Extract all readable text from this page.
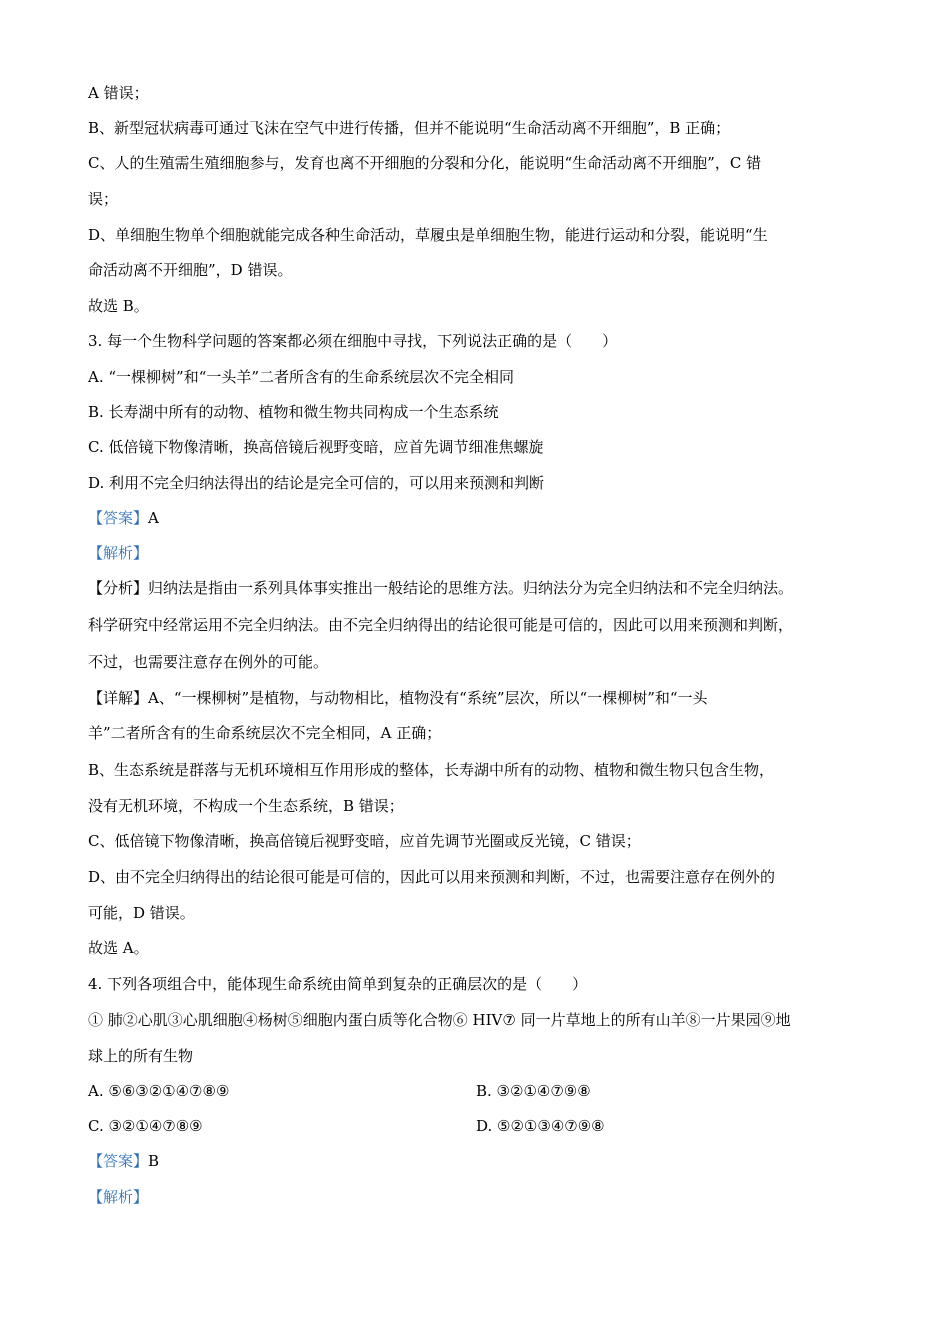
A 错误；
B、新型冠状病毒可通过飞沫在空气中进行传播，但并不能说明“生命活动离不开细胞”，B 正确；
C、人的生殖需生殖细胞参与，发育也离不开细胞的分裂和分化，能说明“生命活动离不开细胞”，C 错
误；
D、单细胞生物单个细胞就能完成各种生命活动，草履虫是单细胞生物，能进行运动和分裂，能说明“生
命活动离不开细胞”，D 错误。
故选 B。
3. 每一个生物科学问题的答案都必须在细胞中寻找，下列说法正确的是（　　）
A. “一棵柳树”和“一头羊”二者所含有的生命系统层次不完全相同
B. 长寿湖中所有的动物、植物和微生物共同构成一个生态系统
C. 低倍镜下物像清晰，换高倍镜后视野变暗，应首先调节细准焦螺旋
D. 利用不完全归纳法得出的结论是完全可信的，可以用来预测和判断
【答案】A
【解析】
【分析】归纳法是指由一系列具体事实推出一般结论的思维方法。归纳法分为完全归纳法和不完全归纳法。
科学研究中经常运用不完全归纳法。由不完全归纳得出的结论很可能是可信的，因此可以用来预测和判断，
不过，也需要注意存在例外的可能。
【详解】A、“一棵柳树”是植物，与动物相比，植物没有“系统”层次，所以“一棵柳树”和“一头
羊”二者所含有的生命系统层次不完全相同，A 正确；
B、生态系统是群落与无机环境相互作用形成的整体，长寿湖中所有的动物、植物和微生物只包含生物，
没有无机环境，不构成一个生态系统，B 错误；
C、低倍镜下物像清晰，换高倍镜后视野变暗，应首先调节光圈或反光镜，C 错误；
D、由不完全归纳得出的结论很可能是可信的，因此可以用来预测和判断，不过，也需要注意存在例外的
可能，D 错误。
故选 A。
4. 下列各项组合中，能体现生命系统由简单到复杂的正确层次的是（　　）
① 肺②心肌③心肌细胞④杨树⑤细胞内蛋白质等化合物⑥ HIV⑦ 同一片草地上的所有山羊⑧一片果园⑨地
球上的所有生物
A. ⑤⑥③②①④⑦⑧⑨	B. ③②①④⑦⑨⑧
C. ③②①④⑦⑧⑨	D. ⑤②①③④⑦⑨⑧
【答案】B
【解析】
